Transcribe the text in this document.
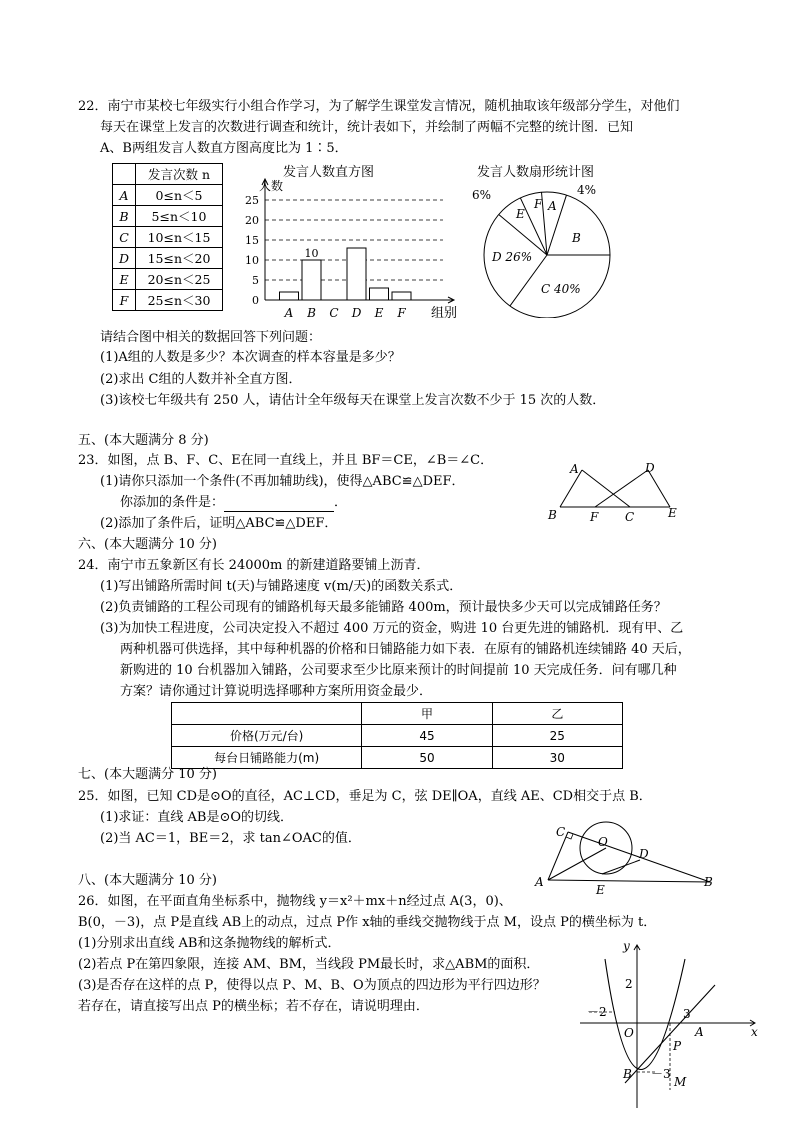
22．南宁市某校七年级实行小组合作学习，为了解学生课堂发言情况，随机抽取该年级部分学生，对他们
每天在课堂上发言的次数进行调查和统计，统计表如下，并绘制了两幅不完整的统计图．已知
A、B两组发言人数直方图高度比为 1∶5．
	发言次数 n
A	0≤n＜5
B	5≤n＜10
C	10≤n＜15
D	15≤n＜20
E	20≤n＜25
F	25≤n＜30
发言人数直方图
人数
0
5
10
15
20
25
A B
10
C D E F 组别
发言人数扇形统计图
A
B
C 40%
D 26%
E
F
4%
6%
请结合图中相关的数据回答下列问题：
(1)A组的人数是多少？本次调查的样本容量是多少？
(2)求出 C组的人数并补全直方图．
(3)该校七年级共有 250 人，请估计全年级每天在课堂上发言次数不少于 15 次的人数．
五、(本大题满分 8 分)
23．如图，点 B、F、C、E在同一直线上，并且 BF＝CE，∠B＝∠C．
(1)请你只添加一个条件(不再加辅助线)，使得△ABC≌△DEF．
你添加的条件是：	．
(2)添加了条件后，证明△ABC≌△DEF．
A	D
B	F C	E
六、(本大题满分 10 分)
24．南宁市五象新区有长 24000m 的新建道路要铺上沥青．
(1)写出铺路所需时间 t(天)与铺路速度 v(m/天)的函数关系式．
(2)负责铺路的工程公司现有的铺路机每天最多能铺路 400m，预计最快多少天可以完成铺路任务？
(3)为加快工程进度，公司决定投入不超过 400 万元的资金，购进 10 台更先进的铺路机．现有甲、乙
两种机器可供选择，其中每种机器的价格和日铺路能力如下表．在原有的铺路机连续铺路 40 天后，
新购进的 10 台机器加入铺路，公司要求至少比原来预计的时间提前 10 天完成任务．问有哪几种
方案？请你通过计算说明选择哪种方案所用资金最少．
	甲	乙
价格(万元/台)	45	25
每台日铺路能力(m)	50	30
七、(本大题满分 10 分)
25．如图，已知 CD是⊙O的直径，AC⊥CD，垂足为 C，弦 DE∥OA，直线 AE、CD相交于点 B．
(1)求证：直线 AB是⊙O的切线．
(2)当 AC＝1，BE＝2，求 tan∠OAC的值．	C
O
D
A
E
B
八、(本大题满分 10 分)
26．如图，在平面直角坐标系中，抛物线 y＝x²＋mx＋n经过点 A(3，0)、
B(0，－3)，点 P是直线 AB上的动点，过点 P作 x轴的垂线交抛物线于点 M，设点 P的横坐标为 t．
(1)分别求出直线 AB和这条抛物线的解析式．
(2)若点 P在第四象限，连接 AM、BM，当线段 PM最长时，求△ABM的面积．
(3)是否存在这样的点 P，使得以点 P、M、B、O为顶点的四边形为平行四边形？
若存在，请直接写出点 P的横坐标；若不存在，请说明理由．
y
x
2
－2
O
3
A
P
B －3
M
